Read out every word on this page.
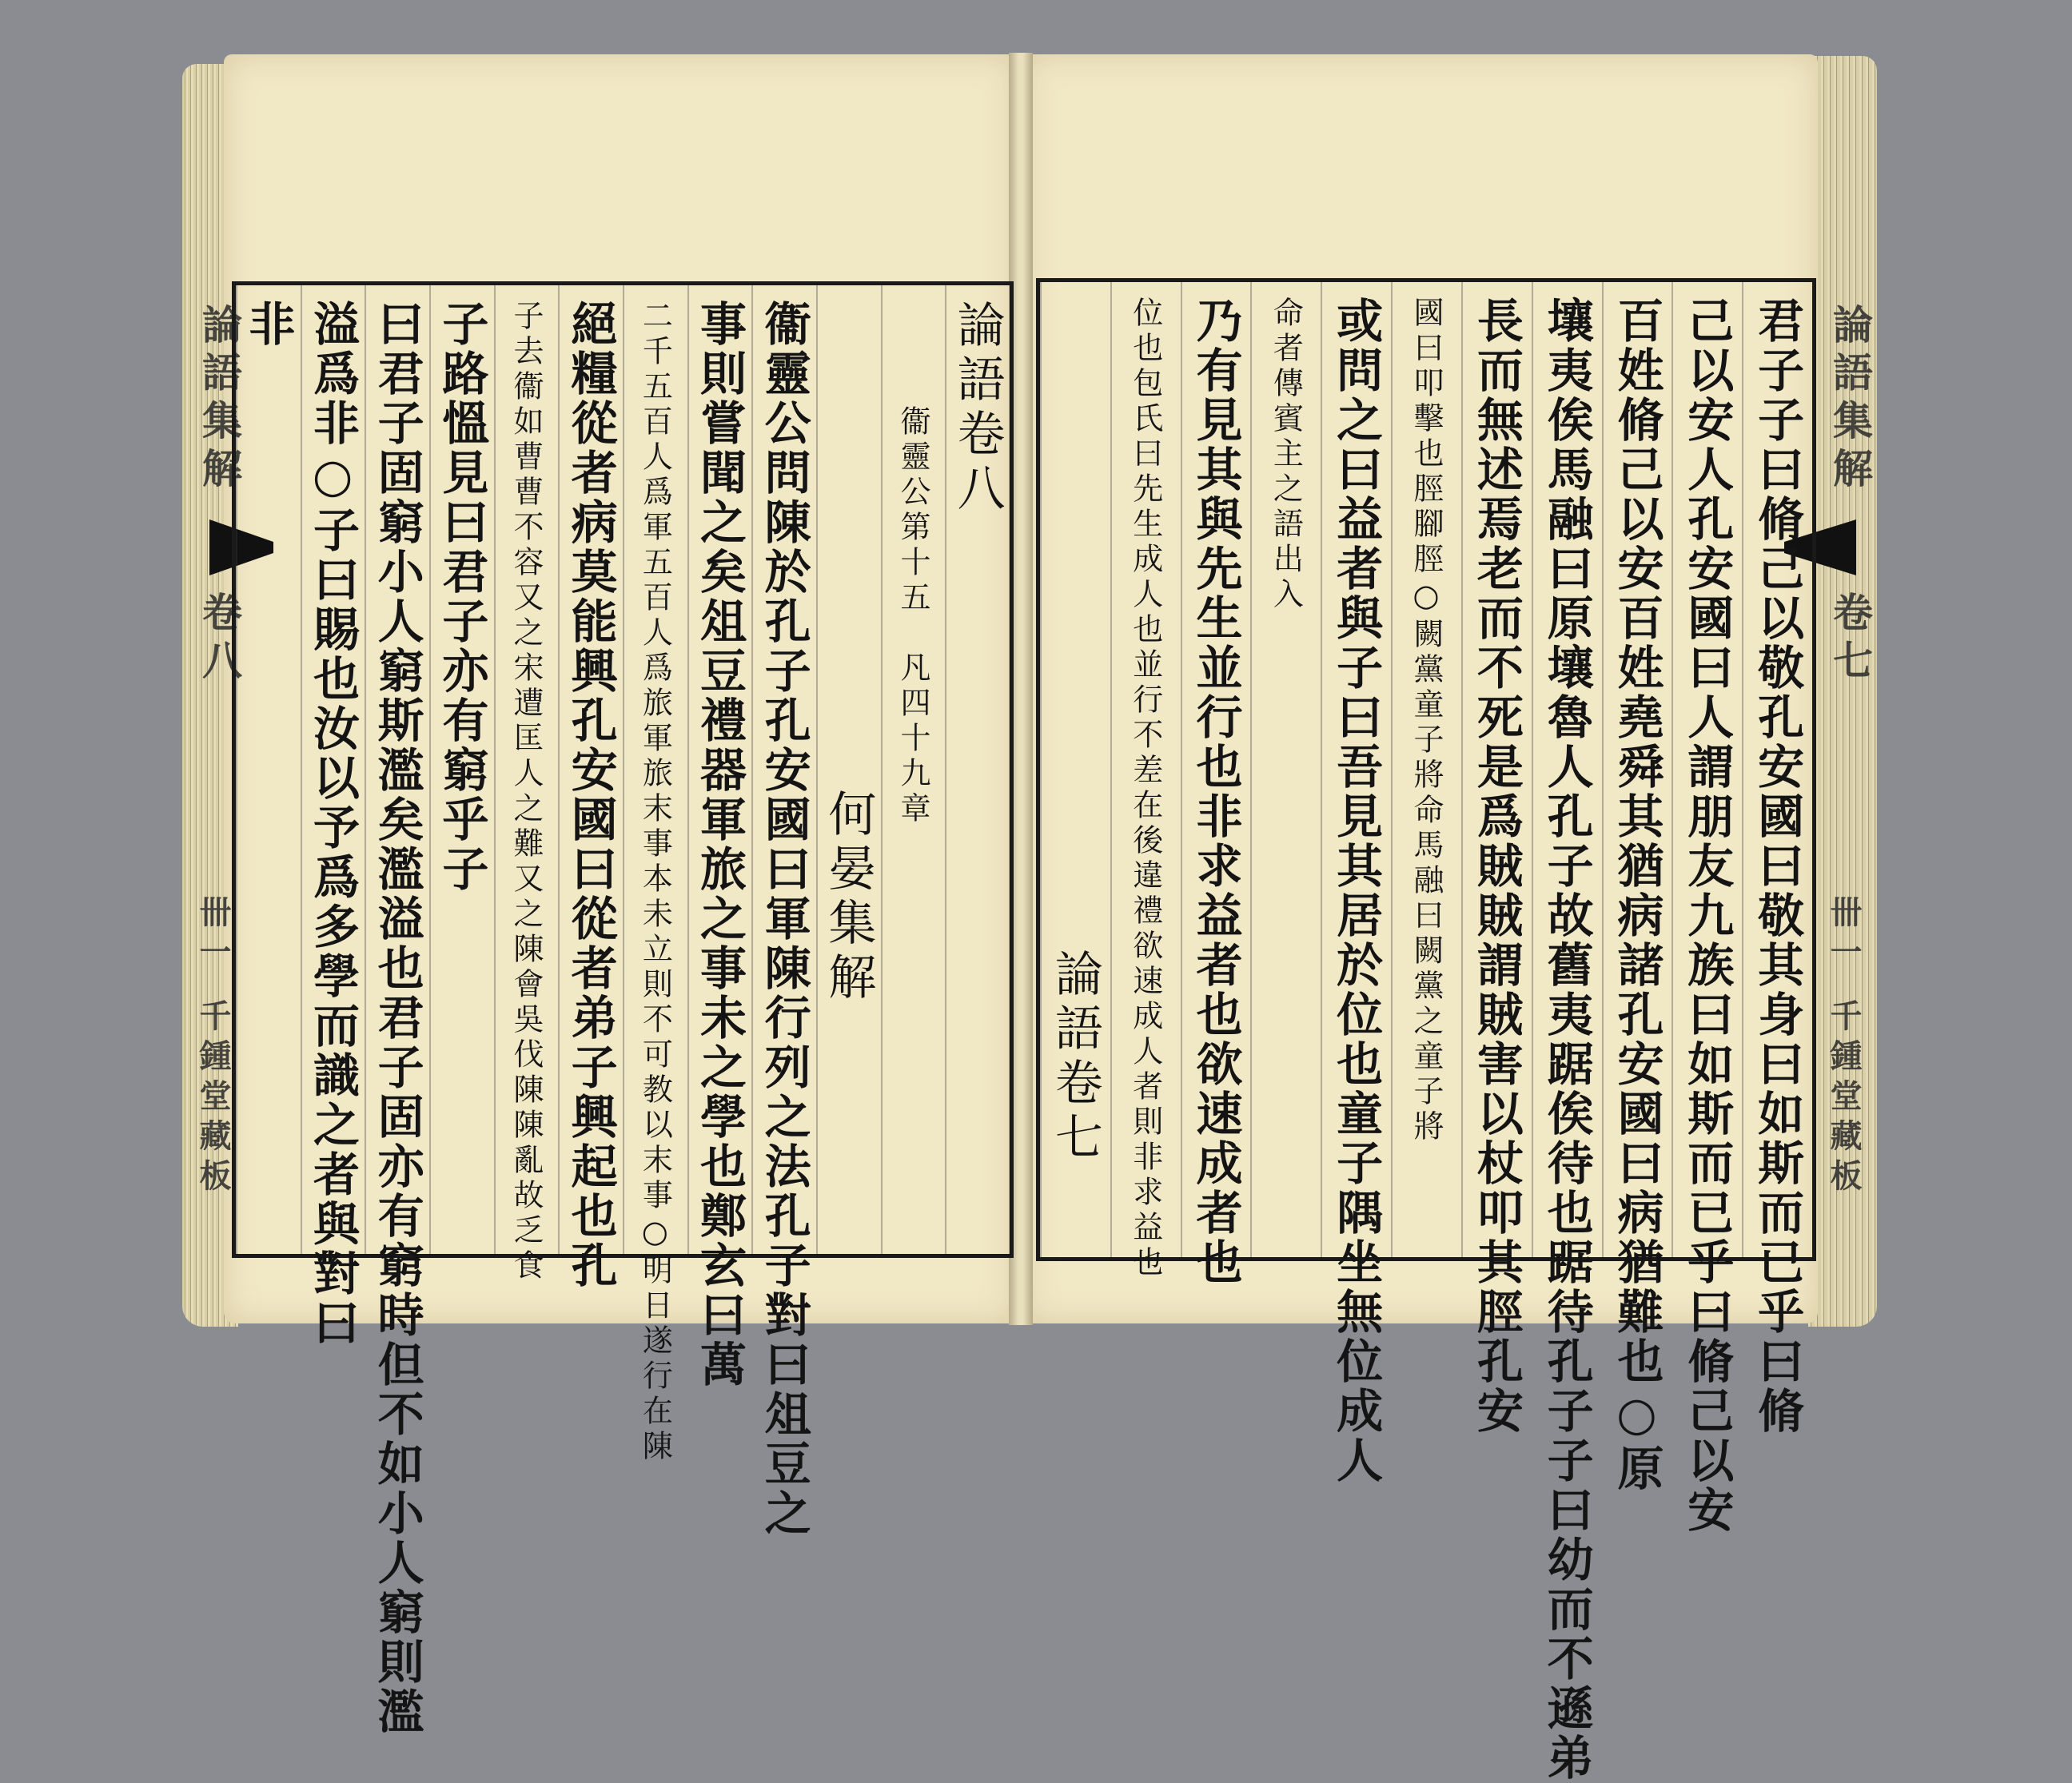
論語集解
卷八
卌一
千鍾堂藏板
論語集解
卷七
卌一
千鍾堂藏板
論語卷八
　　　衞靈公第十五　凡四十九章
　　　　　　　　　何晏集解
衞靈公問陳於孔子孔安國曰軍陳行列之法孔子對曰俎豆之
事則嘗聞之矣俎豆禮器軍旅之事未之學也鄭玄曰萬
二千五百人爲軍五百人爲旅軍旅末事本未立則不可教以末事○明日遂行在陳
絕糧從者病莫能興孔安國曰從者弟子興起也孔
子去衞如曹曹不容又之宋遭匡人之難又之陳會吳伐陳陳亂故乏食
子路慍見曰君子亦有窮乎子
曰君子固窮小人窮斯濫矣濫溢也君子固亦有窮時但不如小人窮則濫
溢爲非○子曰賜也汝以予爲多學而識之者與對曰
非	君子子曰脩己以敬孔安國曰敬其身曰如斯而已乎曰脩
己以安人孔安國曰人謂朋友九族曰如斯而已乎曰脩己以安
百姓脩己以安百姓堯舜其猶病諸孔安國曰病猶難也○原
壤夷俟馬融曰原壤魯人孔子故舊夷踞俟待也踞待孔子子曰幼而不遜弟
長而無述焉老而不死是爲賊賊謂賊害以杖叩其脛孔安
國曰叩擊也脛腳脛○闕黨童子將命馬融曰闕黨之童子將
或問之曰益者與子曰吾見其居於位也童子隅坐無位成人
命者傳賓主之語出入
乃有見其與先生並行也非求益者也欲速成者也
位也包氏曰先生成人也並行不差在後違禮欲速成人者則非求益也
　　　　　　　　　　　　論語卷七
